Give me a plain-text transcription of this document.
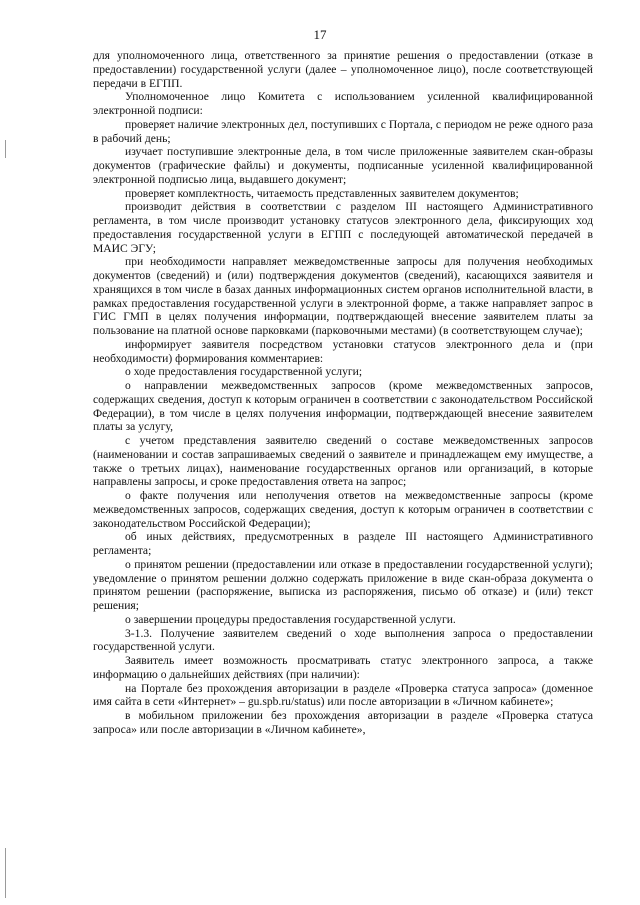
17

для уполномоченного лица, ответственного за принятие решения о предоставлении (отказе в предоставлении) государственной услуги (далее – уполномоченное лицо), после соответствующей передачи в ЕГПП.

Уполномоченное лицо Комитета с использованием усиленной квалифицированной электронной подписи:

проверяет наличие электронных дел, поступивших с Портала, с периодом не реже одного раза в рабочий день;

изучает поступившие электронные дела, в том числе приложенные заявителем скан-образы документов (графические файлы) и документы, подписанные усиленной квалифицированной электронной подписью лица, выдавшего документ;

проверяет комплектность, читаемость представленных заявителем документов;

производит действия в соответствии с разделом III настоящего Административного регламента, в том числе производит установку статусов электронного дела, фиксирующих ход предоставления государственной услуги в ЕГПП с последующей автоматической передачей в МАИС ЭГУ;

при необходимости направляет межведомственные запросы для получения необходимых документов (сведений) и (или) подтверждения документов (сведений), касающихся заявителя и хранящихся в том числе в базах данных информационных систем органов исполнительной власти, в рамках предоставления государственной услуги в электронной форме, а также направляет запрос в ГИС ГМП в целях получения информации, подтверждающей внесение заявителем платы за пользование на платной основе парковками (парковочными местами) (в соответствующем случае);

информирует заявителя посредством установки статусов электронного дела и (при необходимости) формирования комментариев:

о ходе предоставления государственной услуги;

о направлении межведомственных запросов (кроме межведомственных запросов, содержащих сведения, доступ к которым ограничен в соответствии с законодательством Российской Федерации), в том числе в целях получения информации, подтверждающей внесение заявителем платы за услугу,

с учетом представления заявителю сведений о составе межведомственных запросов (наименовании и состав запрашиваемых сведений о заявителе и принадлежащем ему имуществе, а также о третьих лицах), наименование государственных органов или организаций, в которые направлены запросы, и сроке предоставления ответа на запрос;

о факте получения или неполучения ответов на межведомственные запросы (кроме межведомственных запросов, содержащих сведения, доступ к которым ограничен в соответствии с законодательством Российской Федерации);

об иных действиях, предусмотренных в разделе III настоящего Административного регламента;

о принятом решении (предоставлении или отказе в предоставлении государственной услуги); уведомление о принятом решении должно содержать приложение в виде скан-образа документа о принятом решении (распоряжение, выписка из распоряжения, письмо об отказе) и (или) текст решения;

о завершении процедуры предоставления государственной услуги.

3-1.3. Получение заявителем сведений о ходе выполнения запроса о предоставлении государственной услуги.

Заявитель имеет возможность просматривать статус электронного запроса, а также информацию о дальнейших действиях (при наличии):

на Портале без прохождения авторизации в разделе «Проверка статуса запроса» (доменное имя сайта в сети «Интернет» – gu.spb.ru/status) или после авторизации в «Личном кабинете»;

в мобильном приложении без прохождения авторизации в разделе «Проверка статуса запроса» или после авторизации в «Личном кабинете»,
